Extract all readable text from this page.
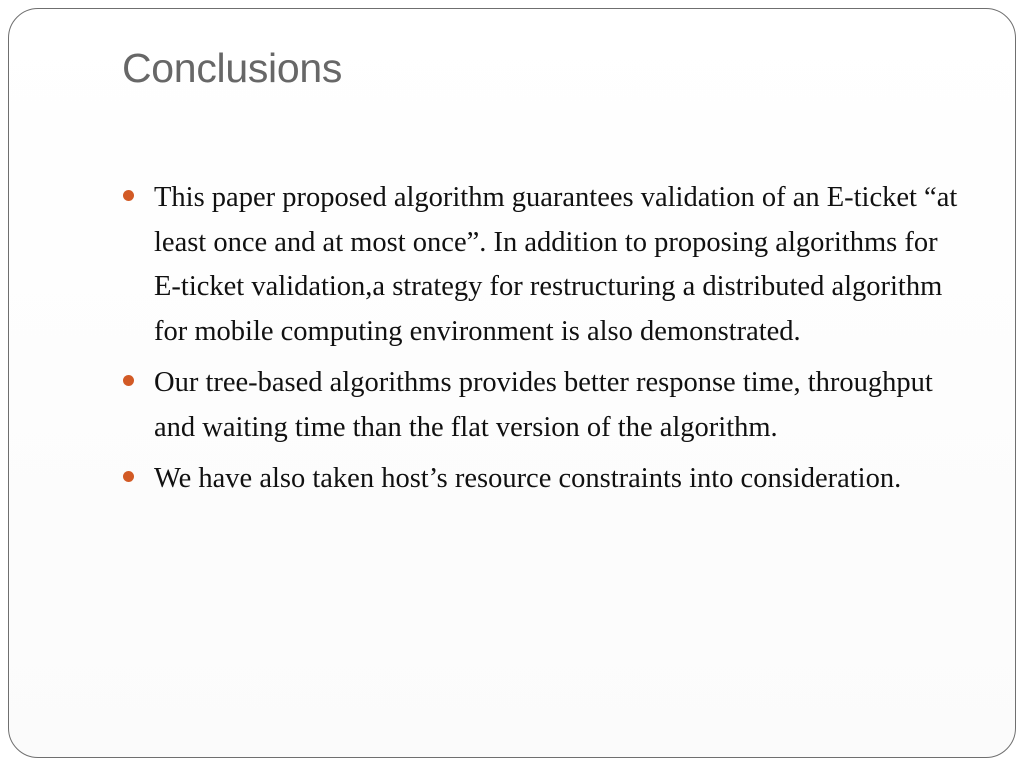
Conclusions
This paper proposed algorithm guarantees validation of an E-ticket “at least once and at most once”. In addition to proposing algorithms for E-ticket validation,a strategy for restructuring a distributed algorithm for mobile computing environment is also demonstrated.
Our tree-based algorithms provides better response time, throughput and waiting time than the flat version of the algorithm.
We have also taken host’s resource constraints into consideration.
